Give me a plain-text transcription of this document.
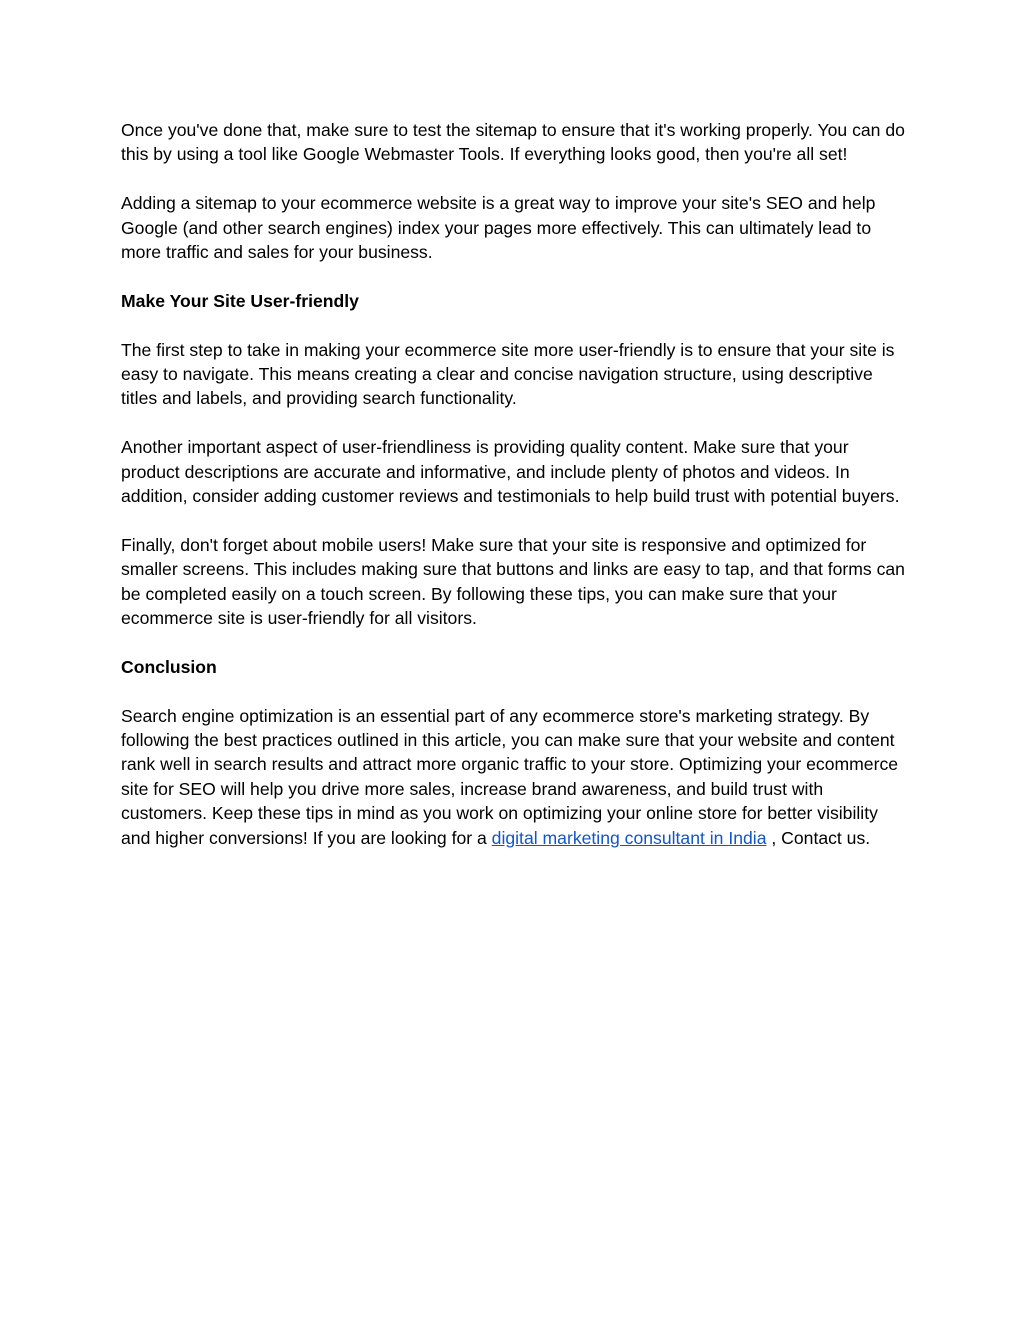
Once you've done that, make sure to test the sitemap to ensure that it's working properly. You can do this by using a tool like Google Webmaster Tools. If everything looks good, then you're all set!

Adding a sitemap to your ecommerce website is a great way to improve your site's SEO and help Google (and other search engines) index your pages more effectively. This can ultimately lead to more traffic and sales for your business.

Make Your Site User-friendly

The first step to take in making your ecommerce site more user-friendly is to ensure that your site is easy to navigate. This means creating a clear and concise navigation structure, using descriptive titles and labels, and providing search functionality.

Another important aspect of user-friendliness is providing quality content. Make sure that your product descriptions are accurate and informative, and include plenty of photos and videos. In addition, consider adding customer reviews and testimonials to help build trust with potential buyers.

Finally, don't forget about mobile users! Make sure that your site is responsive and optimized for smaller screens. This includes making sure that buttons and links are easy to tap, and that forms can be completed easily on a touch screen. By following these tips, you can make sure that your ecommerce site is user-friendly for all visitors.

Conclusion

Search engine optimization is an essential part of any ecommerce store's marketing strategy. By following the best practices outlined in this article, you can make sure that your website and content rank well in search results and attract more organic traffic to your store. Optimizing your ecommerce site for SEO will help you drive more sales, increase brand awareness, and build trust with customers. Keep these tips in mind as you work on optimizing your online store for better visibility and higher conversions! If you are looking for a digital marketing consultant in India , Contact us.
